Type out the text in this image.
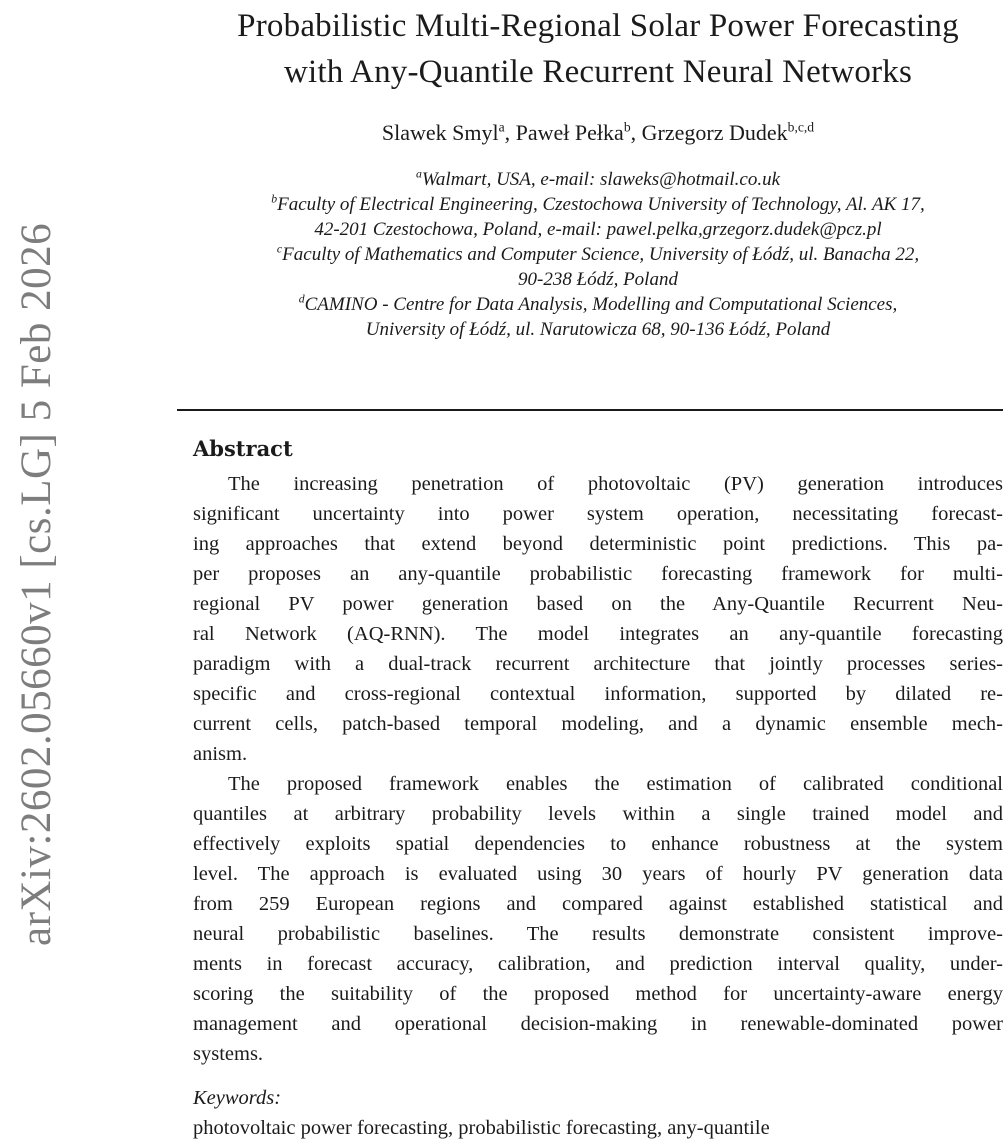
arXiv:2602.05660v1 [cs.LG] 5 Feb 2026
Probabilistic Multi-Regional Solar Power Forecasting
with Any-Quantile Recurrent Neural Networks
Slawek Smyl$^a$, Paweł Pełka$^b$, Grzegorz Dudek$^{b,c,d}$
$^a$Walmart, USA, e-mail: slaweks@hotmail.co.uk
$^b$Faculty of Electrical Engineering, Czestochowa University of Technology, Al. AK 17,
42-201 Czestochowa, Poland, e-mail: pawel.pelka,grzegorz.dudek@pcz.pl
$^c$Faculty of Mathematics and Computer Science, University of Łódź, ul. Banacha 22,
90-238 Łódź, Poland
$^d$CAMINO - Centre for Data Analysis, Modelling and Computational Sciences,
University of Łódź, ul. Narutowicza 68, 90-136 Łódź, Poland
Abstract
The increasing penetration of photovoltaic (PV) generation introduces
significant uncertainty into power system operation, necessitating forecast-
ing approaches that extend beyond deterministic point predictions. This pa-
per proposes an any-quantile probabilistic forecasting framework for multi-
regional PV power generation based on the Any-Quantile Recurrent Neu-
ral Network (AQ-RNN). The model integrates an any-quantile forecasting
paradigm with a dual-track recurrent architecture that jointly processes series-
specific and cross-regional contextual information, supported by dilated re-
current cells, patch-based temporal modeling, and a dynamic ensemble mech-
anism.
The proposed framework enables the estimation of calibrated conditional
quantiles at arbitrary probability levels within a single trained model and
effectively exploits spatial dependencies to enhance robustness at the system
level. The approach is evaluated using 30 years of hourly PV generation data
from 259 European regions and compared against established statistical and
neural probabilistic baselines. The results demonstrate consistent improve-
ments in forecast accuracy, calibration, and prediction interval quality, under-
scoring the suitability of the proposed method for uncertainty-aware energy
management and operational decision-making in renewable-dominated power
systems.
Keywords:
photovoltaic power forecasting, probabilistic forecasting, any-quantile
